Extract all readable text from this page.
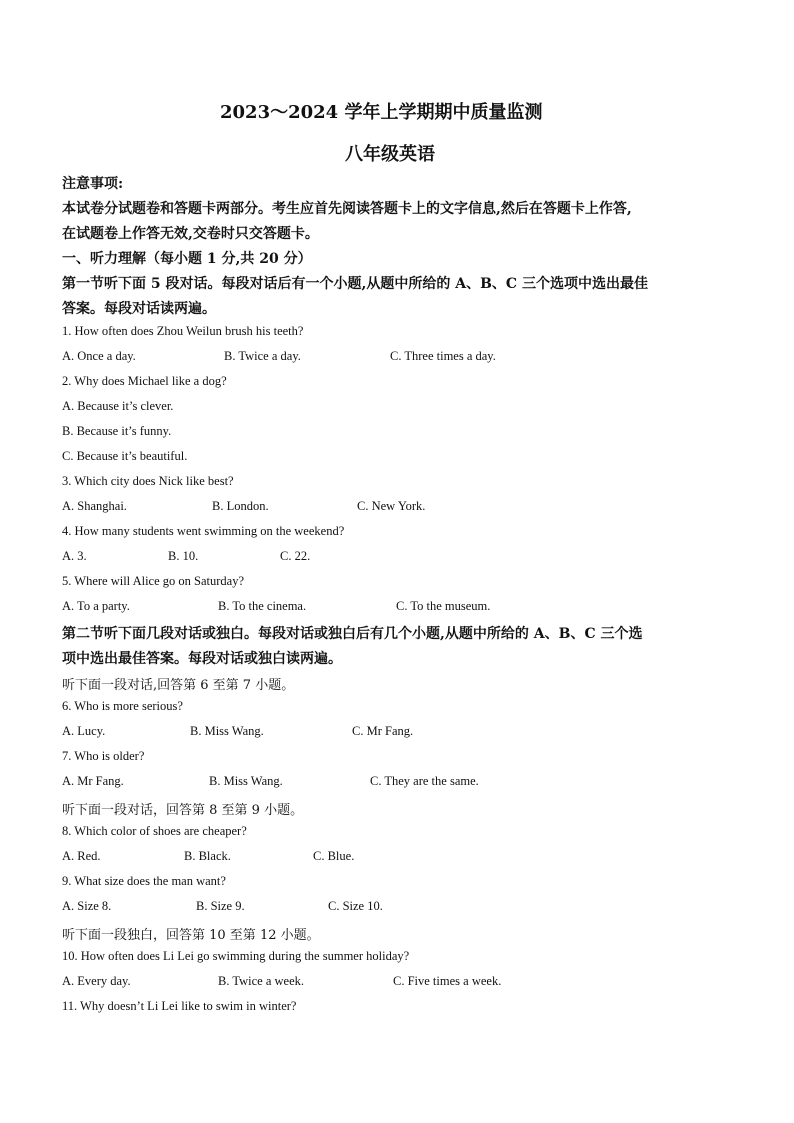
2023～2024 学年上学期期中质量监测
八年级英语
注意事项:
本试卷分试题卷和答题卡两部分。考生应首先阅读答题卡上的文字信息,然后在答题卡上作答,
在试题卷上作答无效,交卷时只交答题卡。
一、听力理解（每小题 1 分,共 20 分）
第一节听下面 5 段对话。每段对话后有一个小题,从题中所给的 A、B、C 三个选项中选出最佳
答案。每段对话读两遍。
1. How often does Zhou Weilun brush his teeth?
A. Once a day.	B. Twice a day.	C. Three times a day.
2. Why does Michael like a dog?
A. Because it’s clever.
B. Because it’s funny.
C. Because it’s beautiful.
3. Which city does Nick like best?
A. Shanghai.	B. London.	C. New York.
4. How many students went swimming on the weekend?
A. 3.	B. 10.	C. 22.
5. Where will Alice go on Saturday?
A. To a party.	B. To the cinema.	C. To the museum.
第二节听下面几段对话或独白。每段对话或独白后有几个小题,从题中所给的 A、B、C 三个选
项中选出最佳答案。每段对话或独白读两遍。
听下面一段对话,回答第 6 至第 7 小题。
6. Who is more serious?
A. Lucy.	B. Miss Wang.	C. Mr Fang.
7. Who is older?
A. Mr Fang.	B. Miss Wang.	C. They are the same.
听下面一段对话，回答第 8 至第 9 小题。
8. Which color of shoes are cheaper?
A. Red.	B. Black.	C. Blue.
9. What size does the man want?
A. Size 8.	B. Size 9.	C. Size 10.
听下面一段独白，回答第 10 至第 12 小题。
10. How often does Li Lei go swimming during the summer holiday?
A. Every day.	B. Twice a week.	C. Five times a week.
11. Why doesn’t Li Lei like to swim in winter?
